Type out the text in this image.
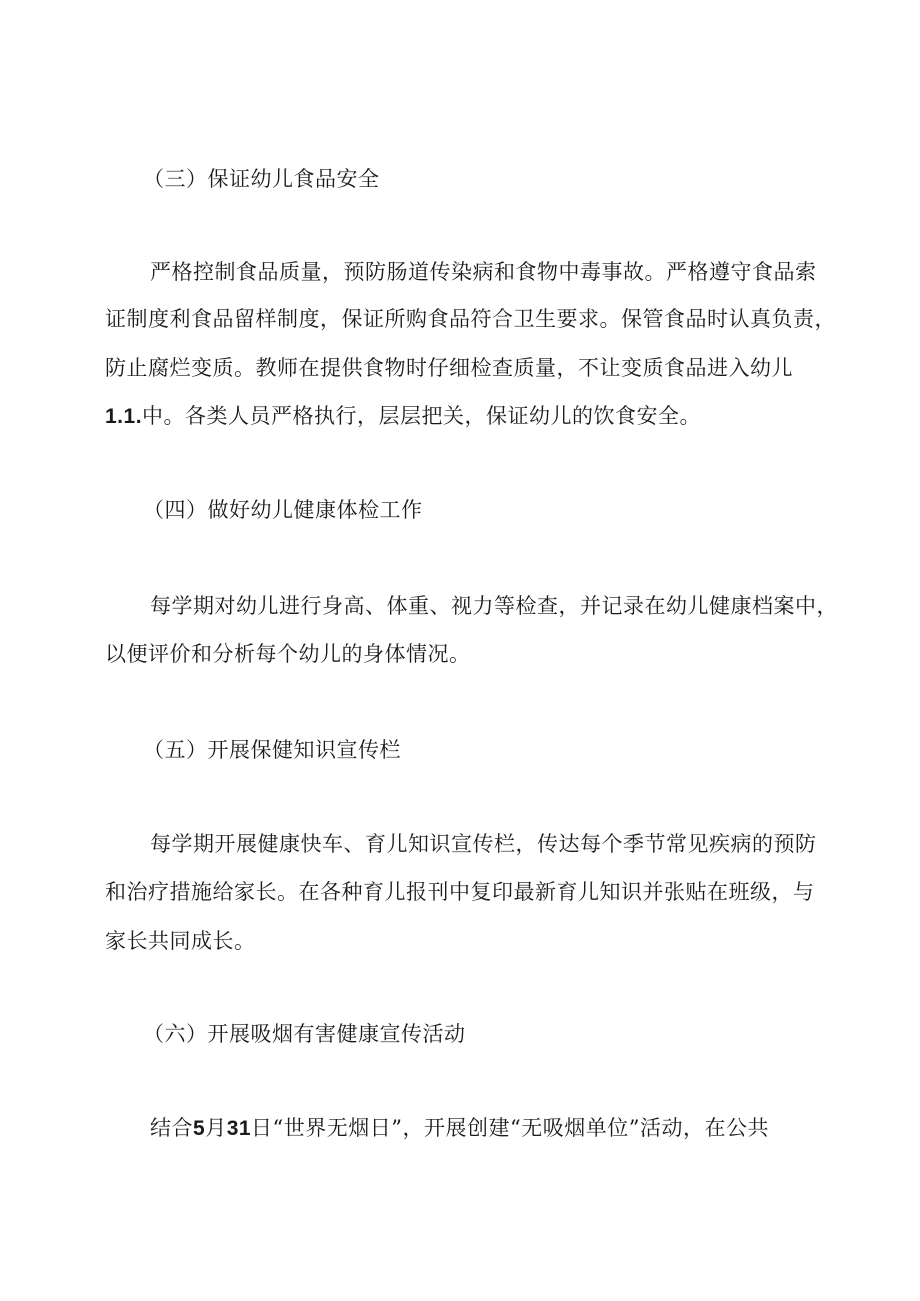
（三）保证幼儿食品安全
严格控制食品质量，预防肠道传染病和食物中毒事故。严格遵守食品索
证制度利食品留样制度，保证所购食品符合卫生要求。保管食品时认真负责，
防止腐烂变质。教师在提供食物时仔细检查质量，不让变质食品进入幼儿
1.1.中。各类人员严格执行，层层把关，保证幼儿的饮食安全。
（四）做好幼儿健康体检工作
每学期对幼儿进行身高、体重、视力等检查，并记录在幼儿健康档案中，
以便评价和分析每个幼儿的身体情况。
（五）开展保健知识宣传栏
每学期开展健康快车、育儿知识宣传栏，传达每个季节常见疾病的预防
和治疗措施给家长。在各种育儿报刊中复印最新育儿知识并张贴在班级，与
家长共同成长。
（六）开展吸烟有害健康宣传活动
结合5月31日“世界无烟日”，开展创建“无吸烟单位”活动，在公共
